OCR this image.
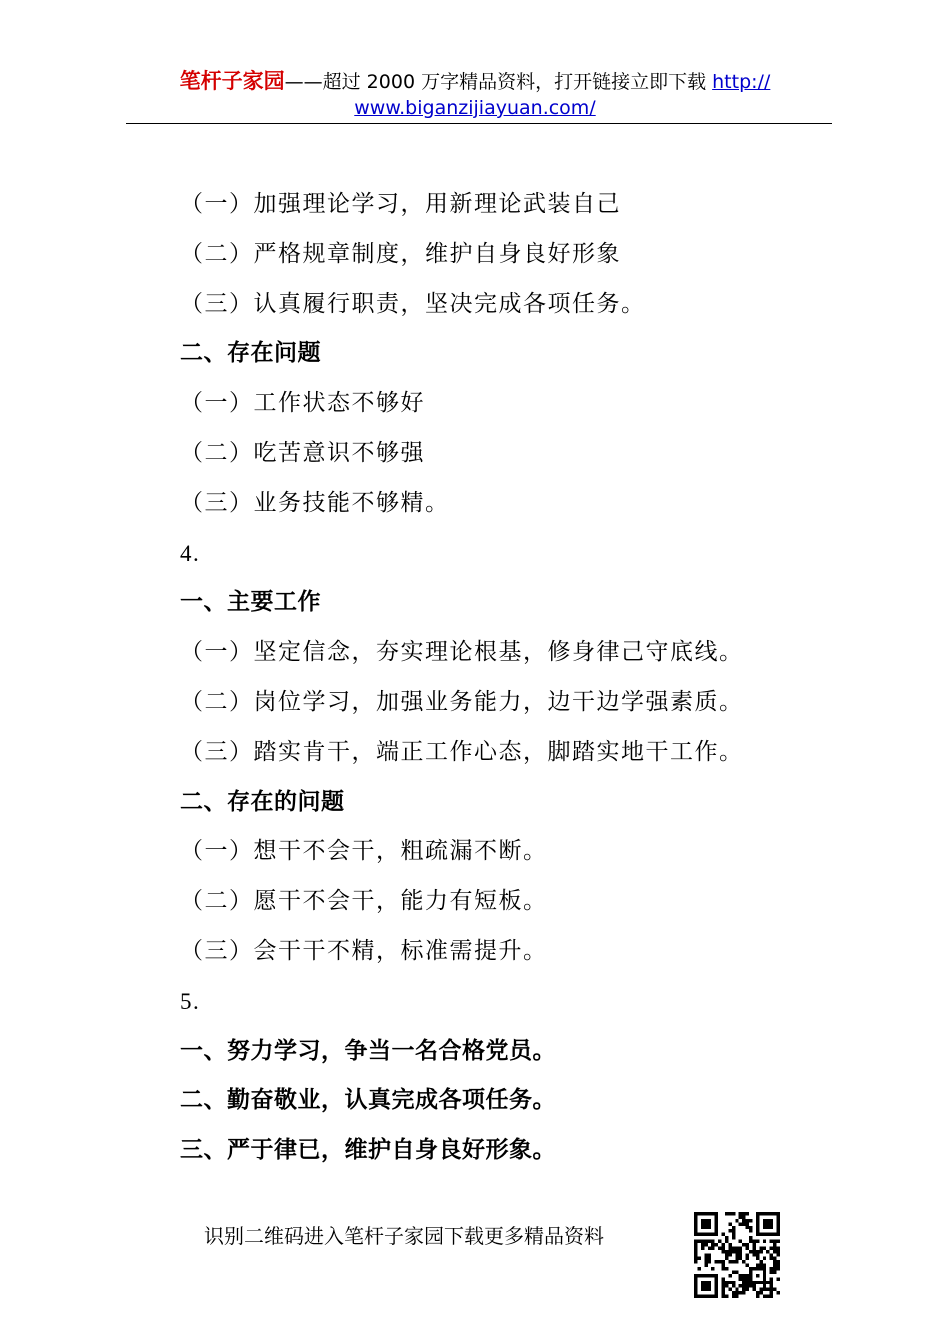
笔杆子家园——超过 2000 万字精品资料，打开链接立即下载 http://
www.biganzijiayuan.com/
（一）加强理论学习，用新理论武装自己
（二）严格规章制度，维护自身良好形象
（三）认真履行职责，坚决完成各项任务。
二、存在问题
（一）工作状态不够好
（二）吃苦意识不够强
（三）业务技能不够精。
4.
一、主要工作
（一）坚定信念，夯实理论根基，修身律己守底线。
（二）岗位学习，加强业务能力，边干边学强素质。
（三）踏实肯干，端正工作心态，脚踏实地干工作。
二、存在的问题
（一）想干不会干，粗疏漏不断。
（二）愿干不会干，能力有短板。
（三）会干干不精，标准需提升。
5.
一、努力学习，争当一名合格党员。
二、勤奋敬业，认真完成各项任务。
三、严于律已，维护自身良好形象。
识别二维码进入笔杆子家园下载更多精品资料
